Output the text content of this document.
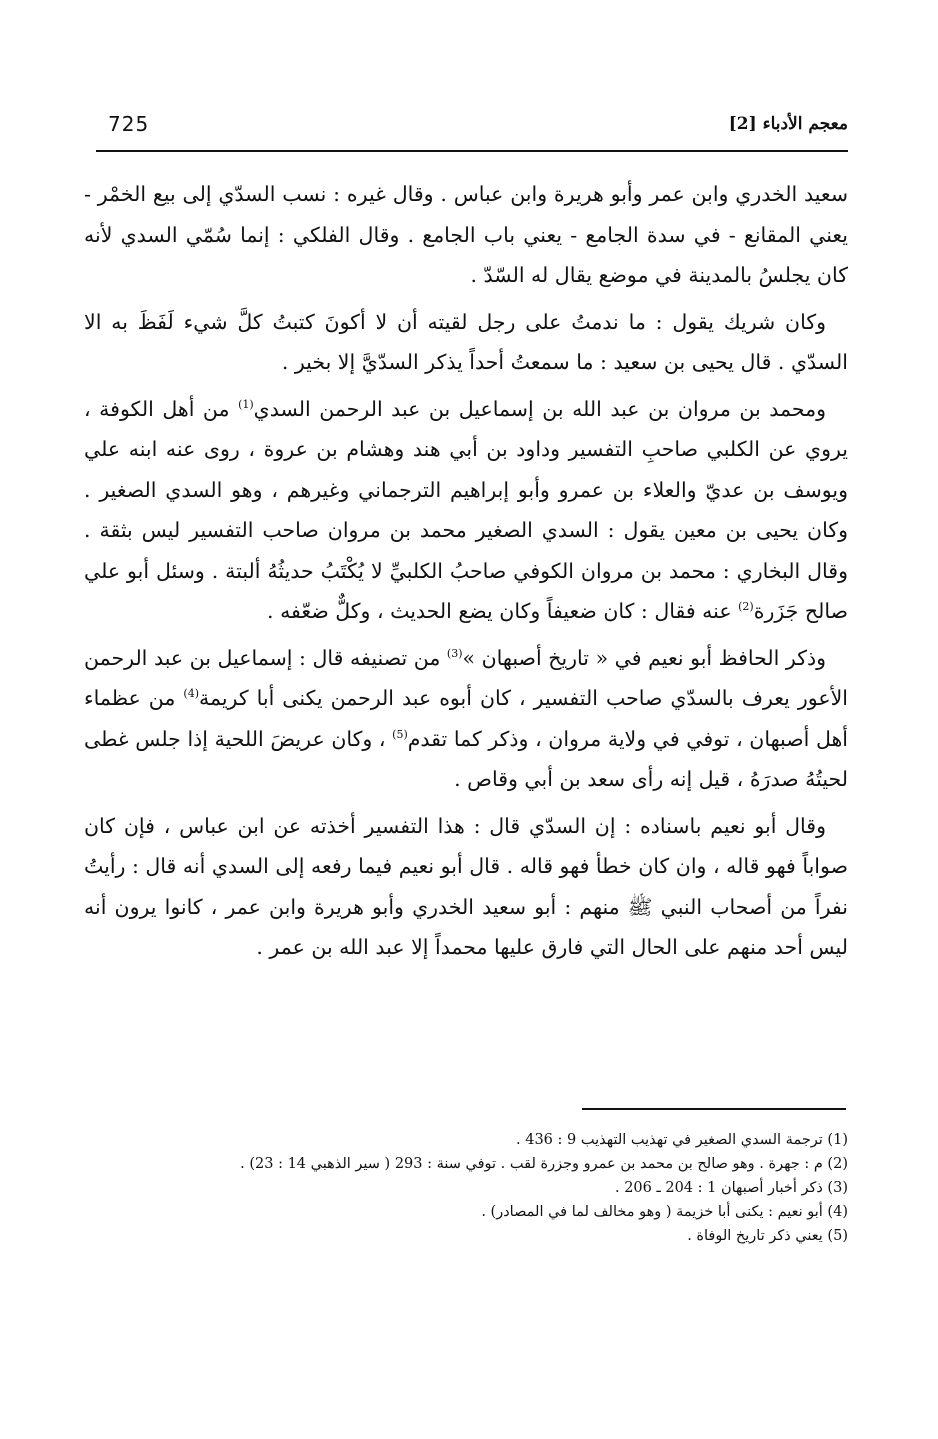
725	معجم الأدباء [2]

سعيد الخدري وابن عمر وأبو هريرة وابن عباس . وقال غيره : نسب السدّي إلى بيع الخمْر - يعني المقانع - في سدة الجامع - يعني باب الجامع . وقال الفلكي : إنما سُمّي السدي لأنه كان يجلسُ بالمدينة في موضع يقال له السّدّ .

وكان شريك يقول : ما ندمتُ على رجل لقيته أن لا أكونَ كتبتُ كلَّ شيء لَفَظَ به الا السدّي . قال يحيى بن سعيد : ما سمعتُ أحداً يذكر السدّيَّ إلا بخير .

ومحمد بن مروان بن عبد الله بن إسماعيل بن عبد الرحمن السدي$^{(1)}$ من أهل الكوفة ، يروي عن الكلبي صاحبِ التفسير وداود بن أبي هند وهشام بن عروة ، روى عنه ابنه علي ويوسف بن عديّ والعلاء بن عمرو وأبو إبراهيم الترجماني وغيرهم ، وهو السدي الصغير . وكان يحيى بن معين يقول : السدي الصغير محمد بن مروان صاحب التفسير ليس بثقة . وقال البخاري : محمد بن مروان الكوفي صاحبُ الكلبيِّ لا يُكْتَبُ حديثُهُ ألبتة . وسئل أبو علي صالح جَزَرة$^{(2)}$ عنه فقال : كان ضعيفاً وكان يضع الحديث ، وكلٌّ ضعّفه .

وذكر الحافظ أبو نعيم في « تاريخ أصبهان »$^{(3)}$ من تصنيفه قال : إسماعيل بن عبد الرحمن الأعور يعرف بالسدّي صاحب التفسير ، كان أبوه عبد الرحمن يكنى أبا كريمة$^{(4)}$ من عظماء أهل أصبهان ، توفي في ولاية مروان ، وذكر كما تقدم$^{(5)}$ ، وكان عريضَ اللحية إذا جلس غطى لحيتُهُ صدرَهُ ، قيل إنه رأى سعد بن أبي وقاص .

وقال أبو نعيم باسناده : إن السدّي قال : هذا التفسير أخذته عن ابن عباس ، فإن كان صواباً فهو قاله ، وان كان خطأ فهو قاله . قال أبو نعيم فيما رفعه إلى السدي أنه قال : رأيتُ نفراً من أصحاب النبي ﷺ منهم : أبو سعيد الخدري وأبو هريرة وابن عمر ، كانوا يرون أنه ليس أحد منهم على الحال التي فارق عليها محمداً إلا عبد الله بن عمر .

(1) ترجمة السدي الصغير في تهذيب التهذيب 9 : 436 .
(2) م : جهرة . وهو صالح بن محمد بن عمرو وجزرة لقب . توفي سنة : 293 ( سير الذهبي 14 : 23) .
(3) ذكر أخبار أصبهان 1 : 204 ـ 206 .
(4) أبو نعيم : يكنى أبا خزيمة ( وهو مخالف لما في المصادر) .
(5) يعني ذكر تاريخ الوفاة .
